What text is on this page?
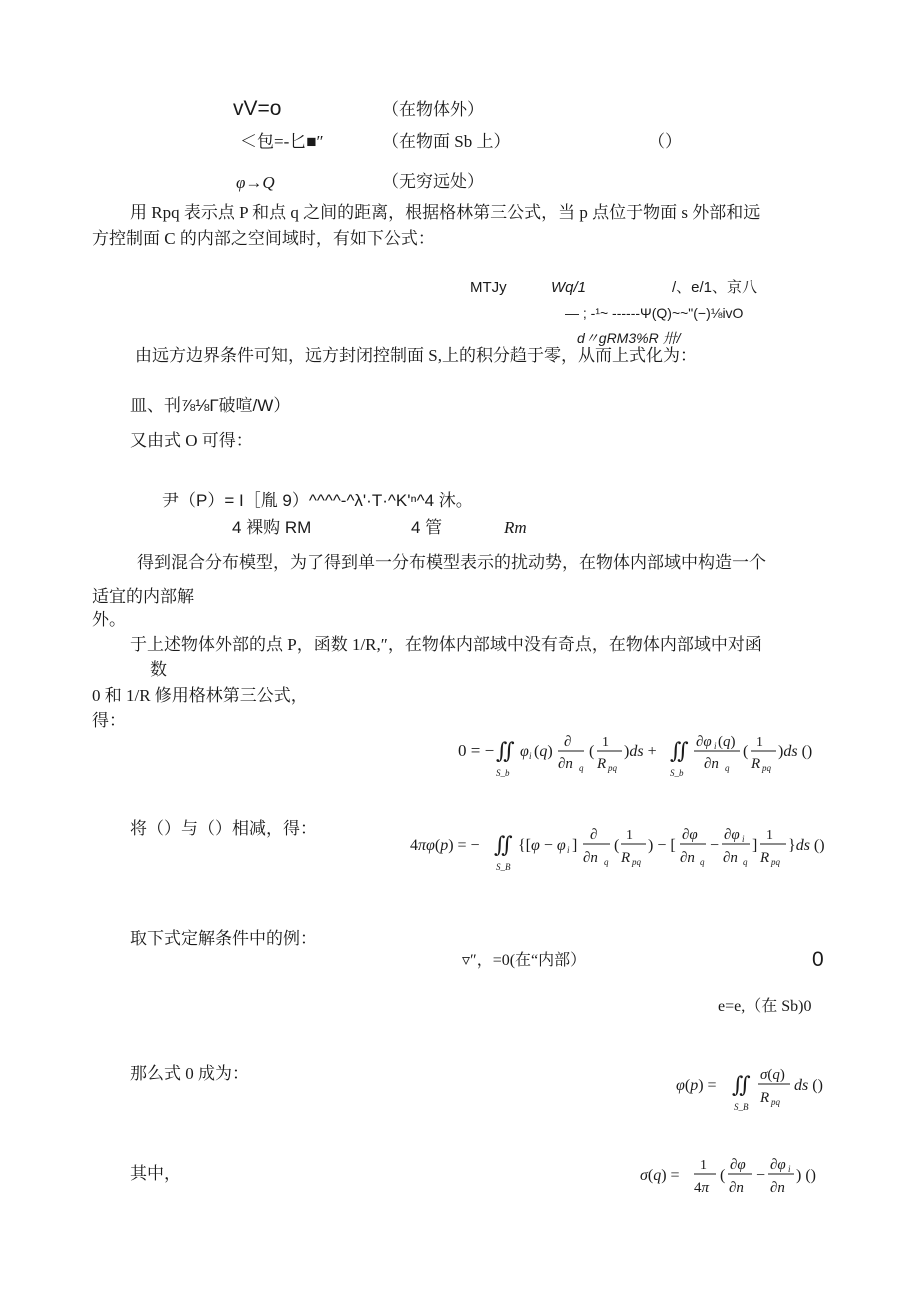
vV=o	（在物体外）
＜包=-匕■″	（在物面 Sb 上）	（）
φ→Q	（无穷远处）
用 Rpq 表示点 P 和点 q 之间的距离，根据格林第三公式，当 p 点位于物面 s 外部和远
方控制面 C 的内部之空间域时，有如下公式：
MTJy	Wq/1	/、e/1、京八
— ; -¹~ ------Ψ(Q)~~"(−)⅛ivO
d〃gRM3%R 卅/
由远方边界条件可知，远方封闭控制面 S,上的积分趋于零，从而上式化为：
皿、刊⅞⅛Г破喧/W）
又由式 O 可得：
尹（P）= I［胤 9）^^^^-^λ'·T·^K'ⁿ^4 沐。
4 裸购 RM	4 管	Rm
得到混合分布模型，为了得到单一分布模型表示的扰动势，在物体内部域中构造一个
适宜的内部解
外。
于上述物体外部的点 P，函数 1/R,″，在物体内部域中没有奇点，在物体内部域中对函
数
0 和 1/R 修用格林第三公式，
得：
0 = − ∬
S_b
φ i (q)
∂
∂n q
(
1
R pq
)ds + ∬
S_b
∂φ i (q)
∂n q
(
1
R pq
)ds ()
将（）与（）相减，得：
4πφ(p) = − ∬
S_B
{[φ − φ i ]
∂
∂n q
(
1
R pq
) − [
∂φ
∂n q
−
∂φ i
∂n q
]
1
R pq
}ds ()
取下式定解条件中的例：
▿″，=0(在“内部）	0
e=e,（在 Sb)0
那么式 0 成为：
φ(p) = ∬
S_B
σ(q)
R pq
ds ()
其中，	σ(q) =
1
4π
(
∂φ
∂n
−
∂φ i
∂n
) ()
